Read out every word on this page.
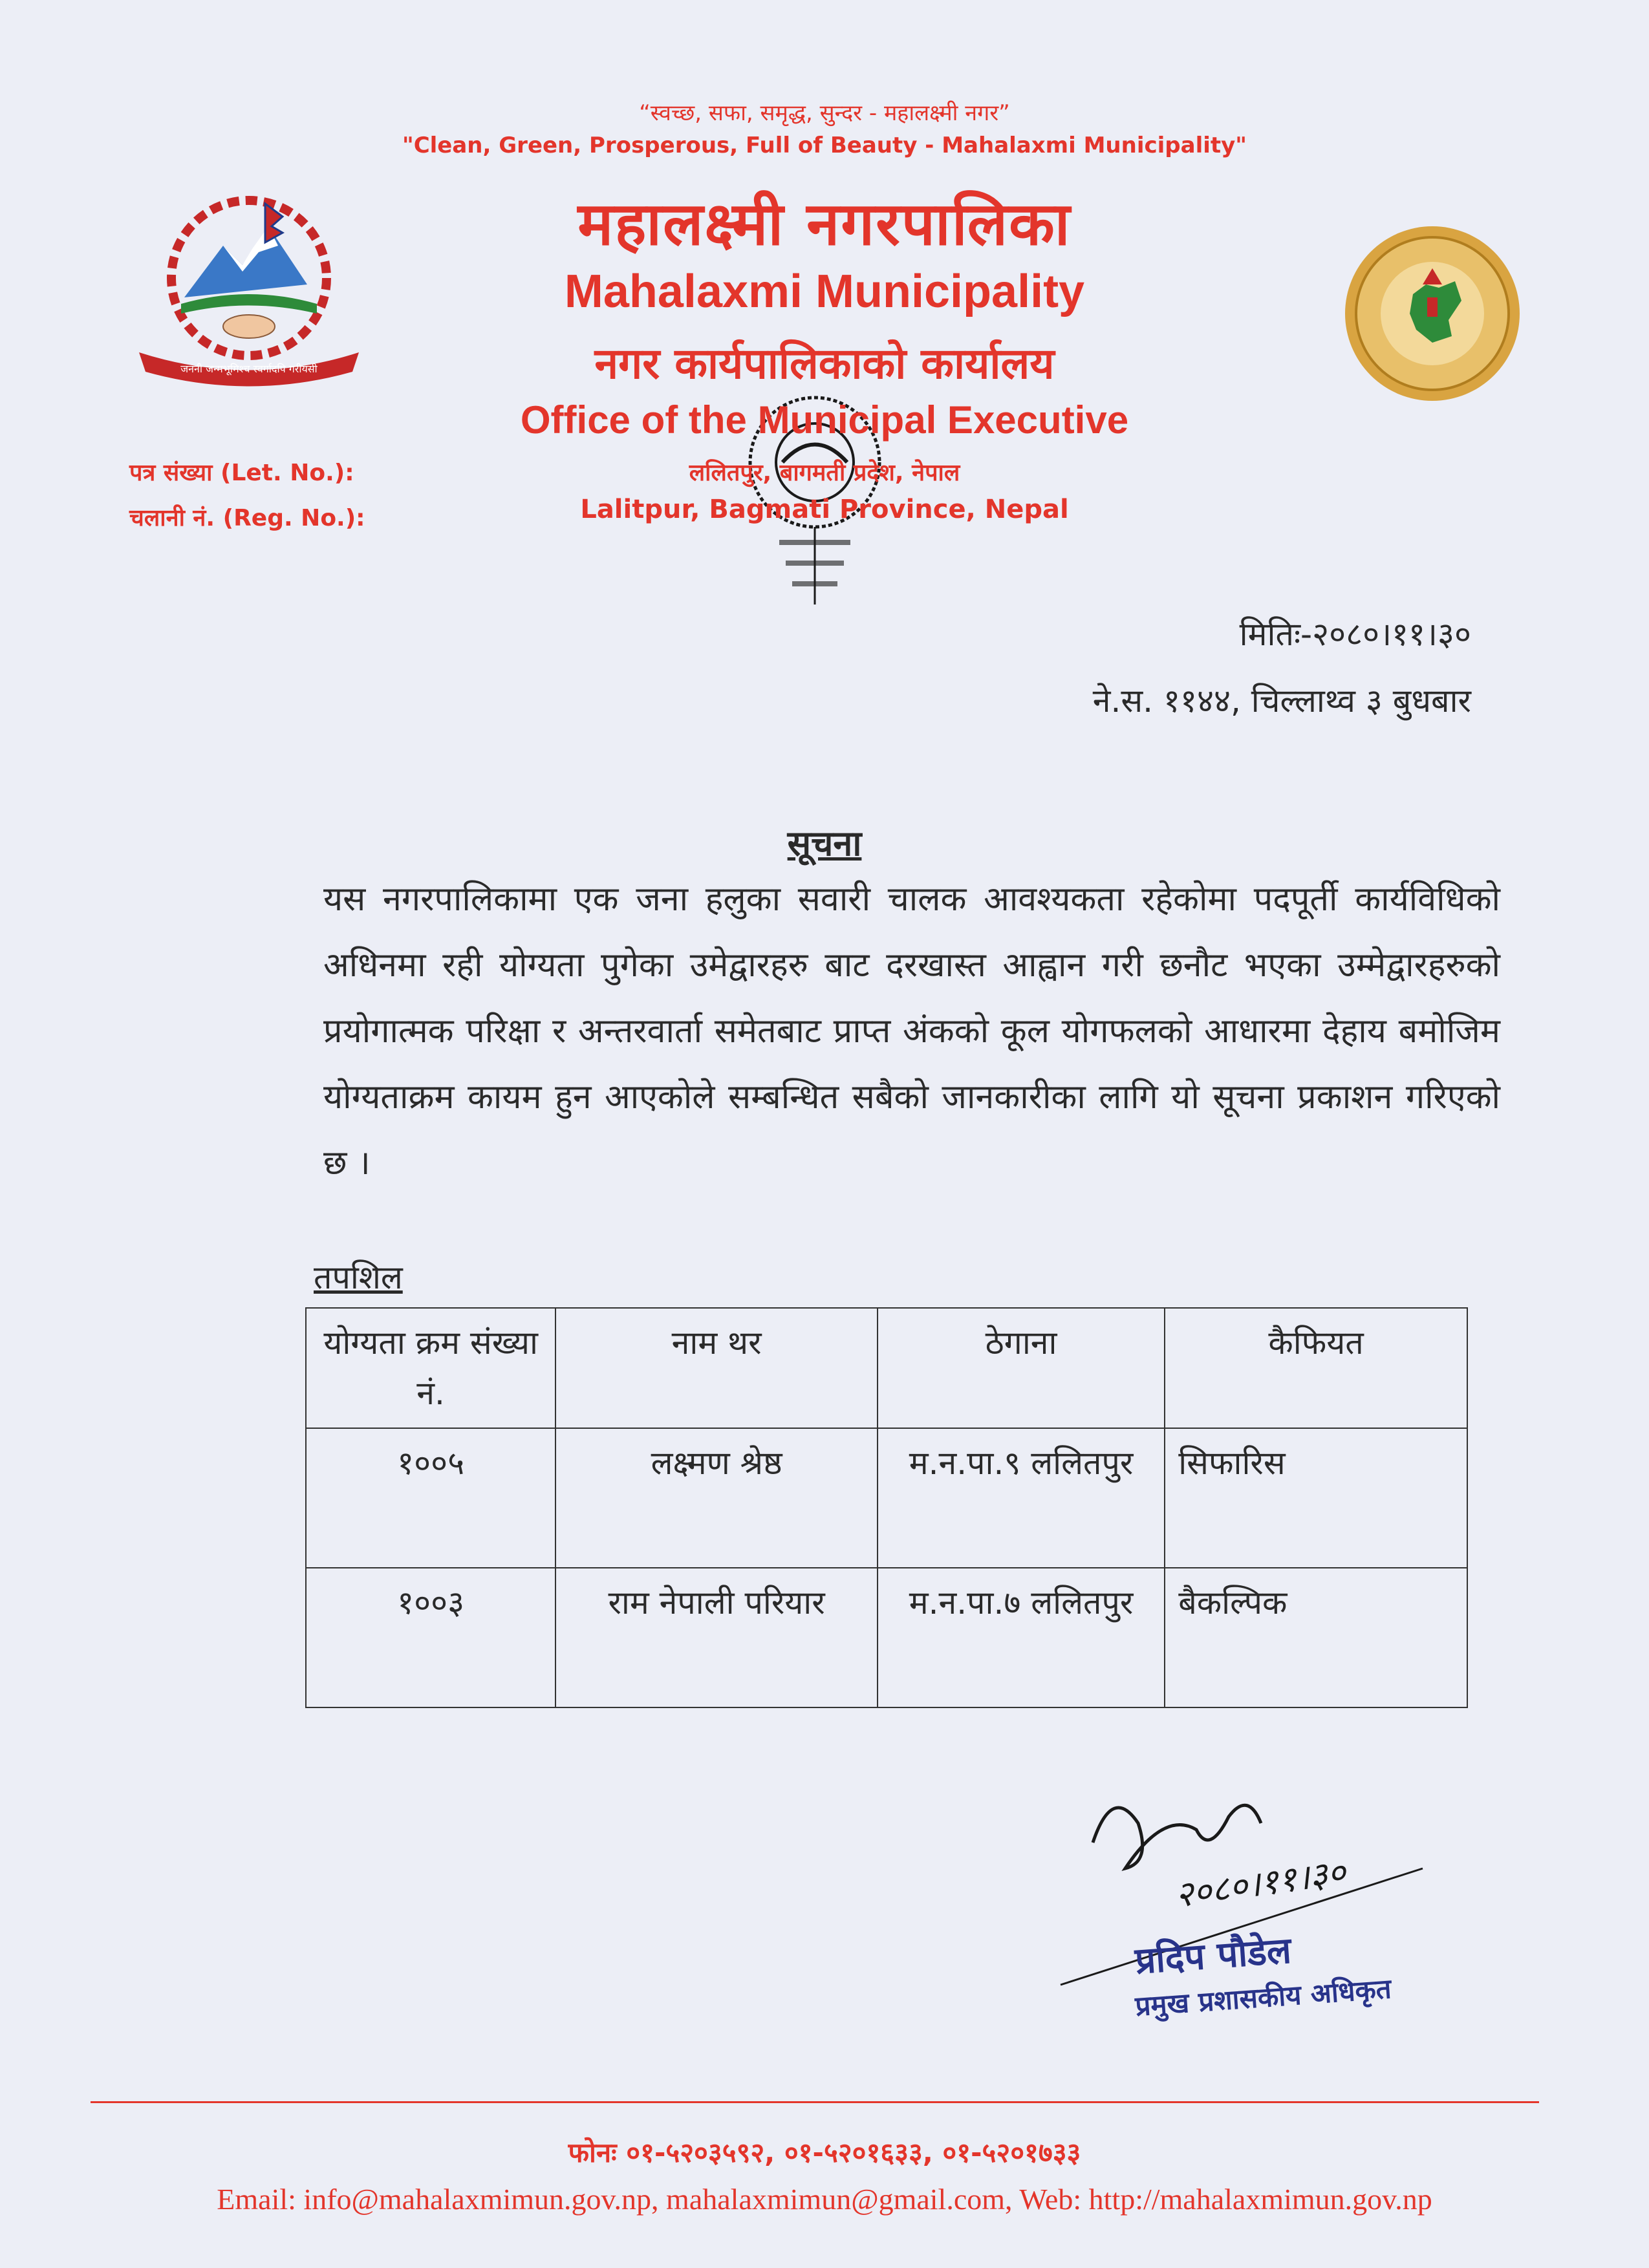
जननी जन्मभूमिश्च स्वर्गादपि गरीयसी
“स्वच्छ, सफा, समृद्ध, सुन्दर - महालक्ष्मी नगर”
"Clean, Green, Prosperous, Full of Beauty - Mahalaxmi Municipality"
महालक्ष्मी नगरपालिका
Mahalaxmi Municipality
नगर कार्यपालिकाको कार्यालय
Office of the Municipal Executive
ललितपुर, बागमती प्रदेश, नेपाल
Lalitpur, Bagmati Province, Nepal
पत्र संख्या (Let. No.):
चलानी नं. (Reg. No.):
मितिः-२०८०।११।३०
ने.स. ११४४, चिल्लाथ्व ३ बुधबार
सूचना
यस नगरपालिकामा एक जना हलुका सवारी चालक आवश्यकता रहेकोमा पदपूर्ती कार्यविधिको अधिनमा रही योग्यता पुगेका उमेद्वारहरु बाट दरखास्त आह्वान गरी छनौट भएका उम्मेद्वारहरुको प्रयोगात्मक परिक्षा र अन्तरवार्ता समेतबाट प्राप्त अंकको कूल योगफलको आधारमा देहाय बमोजिम योग्यताक्रम कायम हुन आएकोले सम्बन्धित सबैको जानकारीका लागि यो सूचना प्रकाशन गरिएको छ ।
तपशिल
योग्यता क्रम संख्या नं.	नाम थर	ठेगाना	कैफियत
१००५	लक्ष्मण श्रेष्ठ	म.न.पा.९ ललितपुर	सिफारिस
१००३	राम नेपाली परियार	म.न.पा.७ ललितपुर	बैकल्पिक
२०८०।११।३०
प्रदिप पौडेल
प्रमुख प्रशासकीय अधिकृत
फोनः ०१-५२०३५९२, ०१-५२०१६३३, ०१-५२०१७३३
Email: info@mahalaxmimun.gov.np, mahalaxmimun@gmail.com, Web: http://mahalaxmimun.gov.np
